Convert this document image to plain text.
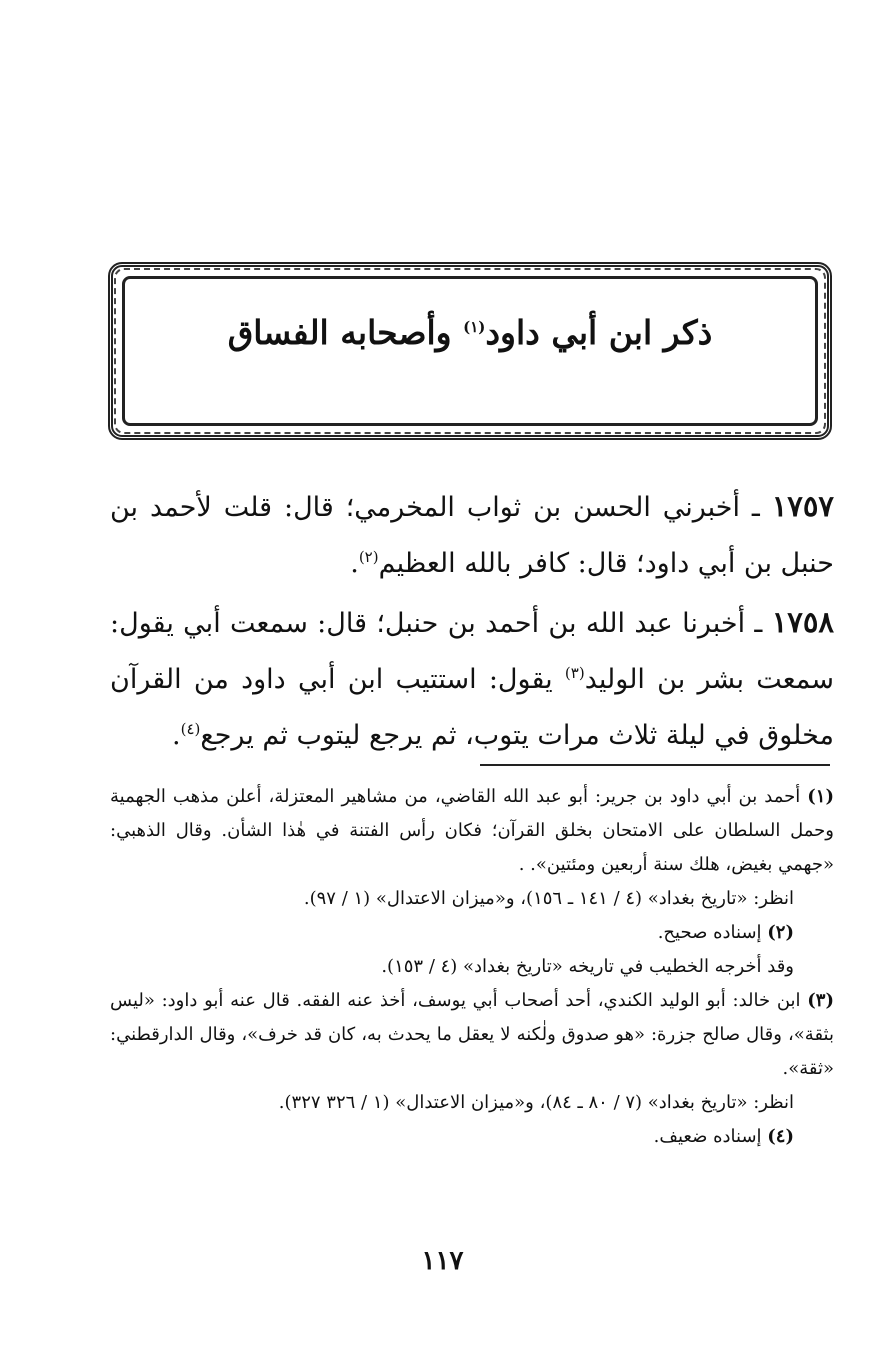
ذكر ابن أبي داود$^{(١)}$ وأصحابه الفساق
١٧٥٧ ـ أخبرني الحسن بن ثواب المخرمي؛ قال: قلت لأحمد بن حنبل بن أبي داود؛ قال: كافر بالله العظيم$^{(٢)}$.
١٧٥٨ ـ أخبرنا عبد الله بن أحمد بن حنبل؛ قال: سمعت أبي يقول: سمعت بشر بن الوليد$^{(٣)}$ يقول: استتيب ابن أبي داود من القرآن مخلوق في ليلة ثلاث مرات يتوب، ثم يرجع ليتوب ثم يرجع$^{(٤)}$.

(١) أحمد بن أبي داود بن جرير: أبو عبد الله القاضي، من مشاهير المعتزلة، أعلن مذهب الجهمية وحمل السلطان على الامتحان بخلق القرآن؛ فكان رأس الفتنة في هٰذا الشأن. وقال الذهبي: «جهمي بغيض، هلك سنة أربعين ومئتين». .

انظر: «تاريخ بغداد» (٤ / ١٤١ ـ ١٥٦)، و«ميزان الاعتدال» (١ / ٩٧).

(٢) إسناده صحيح.

وقد أخرجه الخطيب في تاريخه «تاريخ بغداد» (٤ / ١٥٣).

(٣) ابن خالد: أبو الوليد الكندي، أحد أصحاب أبي يوسف، أخذ عنه الفقه. قال عنه أبو داود: «ليس بثقة»، وقال صالح جزرة: «هو صدوق ولٰكنه لا يعقل ما يحدث به، كان قد خرف»، وقال الدارقطني: «ثقة».

انظر: «تاريخ بغداد» (٧ / ٨٠ ـ ٨٤)، و«ميزان الاعتدال» (١ / ٣٢٦ ٣٢٧).

(٤) إسناده ضعيف.

١١٧
